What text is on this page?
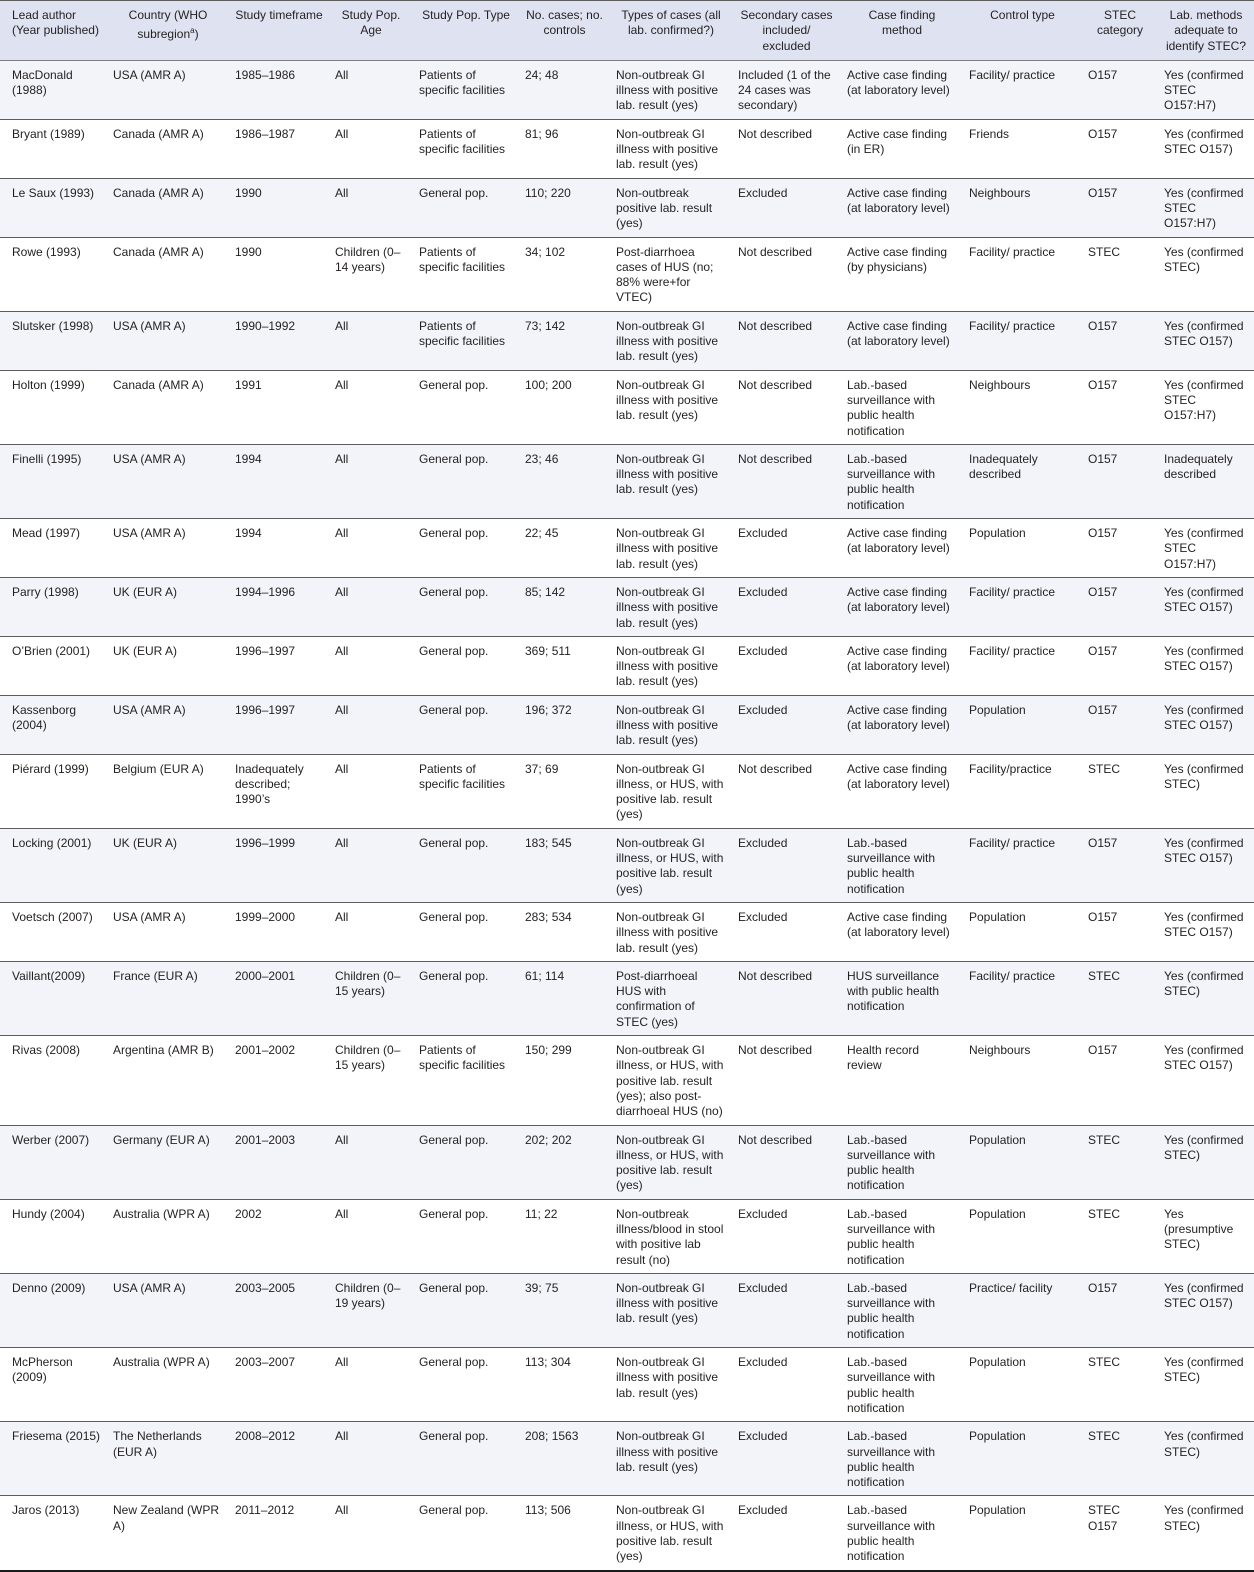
Lead author (Year published)	Country (WHO subregion$^a$)	Study timeframe	Study Pop. Age	Study Pop. Type	No. cases; no. controls	Types of cases (all lab. confirmed?)	Secondary cases included/ excluded	Case finding method	Control type	STEC category	Lab. methods adequate to identify STEC?
MacDonald (1988)	USA (AMR A)	1985–1986	All	Patients of specific facilities	24; 48	Non-outbreak GI illness with positive lab. result (yes)	Included (1 of the 24 cases was secondary)	Active case finding (at laboratory level)	Facility/ practice	O157	Yes (confirmed STEC O157:H7)
Bryant (1989)	Canada (AMR A)	1986–1987	All	Patients of specific facilities	81; 96	Non-outbreak GI illness with positive lab. result (yes)	Not described	Active case finding (in ER)	Friends	O157	Yes (confirmed STEC O157)
Le Saux (1993)	Canada (AMR A)	1990	All	General pop.	110; 220	Non-outbreak positive lab. result (yes)	Excluded	Active case finding (at laboratory level)	Neighbours	O157	Yes (confirmed STEC O157:H7)
Rowe (1993)	Canada (AMR A)	1990	Children (0–14 years)	Patients of specific facilities	34; 102	Post-diarrhoea cases of HUS (no; 88% were+for VTEC)	Not described	Active case finding (by physicians)	Facility/ practice	STEC	Yes (confirmed STEC)
Slutsker (1998)	USA (AMR A)	1990–1992	All	Patients of specific facilities	73; 142	Non-outbreak GI illness with positive lab. result (yes)	Not described	Active case finding (at laboratory level)	Facility/ practice	O157	Yes (confirmed STEC O157)
Holton (1999)	Canada (AMR A)	1991	All	General pop.	100; 200	Non-outbreak GI illness with positive lab. result (yes)	Not described	Lab.-based surveillance with public health notification	Neighbours	O157	Yes (confirmed STEC O157:H7)
Finelli (1995)	USA (AMR A)	1994	All	General pop.	23; 46	Non-outbreak GI illness with positive lab. result (yes)	Not described	Lab.-based surveillance with public health notification	Inadequately described	O157	Inadequately described
Mead (1997)	USA (AMR A)	1994	All	General pop.	22; 45	Non-outbreak GI illness with positive lab. result (yes)	Excluded	Active case finding (at laboratory level)	Population	O157	Yes (confirmed STEC O157:H7)
Parry (1998)	UK (EUR A)	1994–1996	All	General pop.	85; 142	Non-outbreak GI illness with positive lab. result (yes)	Excluded	Active case finding (at laboratory level)	Facility/ practice	O157	Yes (confirmed STEC O157)
O’Brien (2001)	UK (EUR A)	1996–1997	All	General pop.	369; 511	Non-outbreak GI illness with positive lab. result (yes)	Excluded	Active case finding (at laboratory level)	Facility/ practice	O157	Yes (confirmed STEC O157)
Kassenborg (2004)	USA (AMR A)	1996–1997	All	General pop.	196; 372	Non-outbreak GI illness with positive lab. result (yes)	Excluded	Active case finding (at laboratory level)	Population	O157	Yes (confirmed STEC O157)
Piérard (1999)	Belgium (EUR A)	Inadequately described; 1990’s	All	Patients of specific facilities	37; 69	Non-outbreak GI illness, or HUS, with positive lab. result (yes)	Not described	Active case finding (at laboratory level)	Facility/practice	STEC	Yes (confirmed STEC)
Locking (2001)	UK (EUR A)	1996–1999	All	General pop.	183; 545	Non-outbreak GI illness, or HUS, with positive lab. result (yes)	Excluded	Lab.-based surveillance with public health notification	Facility/ practice	O157	Yes (confirmed STEC O157)
Voetsch (2007)	USA (AMR A)	1999–2000	All	General pop.	283; 534	Non-outbreak GI illness with positive lab. result (yes)	Excluded	Active case finding (at laboratory level)	Population	O157	Yes (confirmed STEC O157)
Vaillant(2009)	France (EUR A)	2000–2001	Children (0–15 years)	General pop.	61; 114	Post-diarrhoeal HUS with confirmation of STEC (yes)	Not described	HUS surveillance with public health notification	Facility/ practice	STEC	Yes (confirmed STEC)
Rivas (2008)	Argentina (AMR B)	2001–2002	Children (0–15 years)	Patients of specific facilities	150; 299	Non-outbreak GI illness, or HUS, with positive lab. result (yes); also post-diarrhoeal HUS (no)	Not described	Health record review	Neighbours	O157	Yes (confirmed STEC O157)
Werber (2007)	Germany (EUR A)	2001–2003	All	General pop.	202; 202	Non-outbreak GI illness, or HUS, with positive lab. result (yes)	Not described	Lab.-based surveillance with public health notification	Population	STEC	Yes (confirmed STEC)
Hundy (2004)	Australia (WPR A)	2002	All	General pop.	11; 22	Non-outbreak illness/blood in stool with positive lab result (no)	Excluded	Lab.-based surveillance with public health notification	Population	STEC	Yes (presumptive STEC)
Denno (2009)	USA (AMR A)	2003–2005	Children (0–19 years)	General pop.	39; 75	Non-outbreak GI illness with positive lab. result (yes)	Excluded	Lab.-based surveillance with public health notification	Practice/ facility	O157	Yes (confirmed STEC O157)
McPherson (2009)	Australia (WPR A)	2003–2007	All	General pop.	113; 304	Non-outbreak GI illness with positive lab. result (yes)	Excluded	Lab.-based surveillance with public health notification	Population	STEC	Yes (confirmed STEC)
Friesema (2015)	The Netherlands (EUR A)	2008–2012	All	General pop.	208; 1563	Non-outbreak GI illness with positive lab. result (yes)	Excluded	Lab.-based surveillance with public health notification	Population	STEC	Yes (confirmed STEC)
Jaros (2013)	New Zealand (WPR A)	2011–2012	All	General pop.	113; 506	Non-outbreak GI illness, or HUS, with positive lab. result (yes)	Excluded	Lab.-based surveillance with public health notification	Population	STEC O157	Yes (confirmed STEC)
